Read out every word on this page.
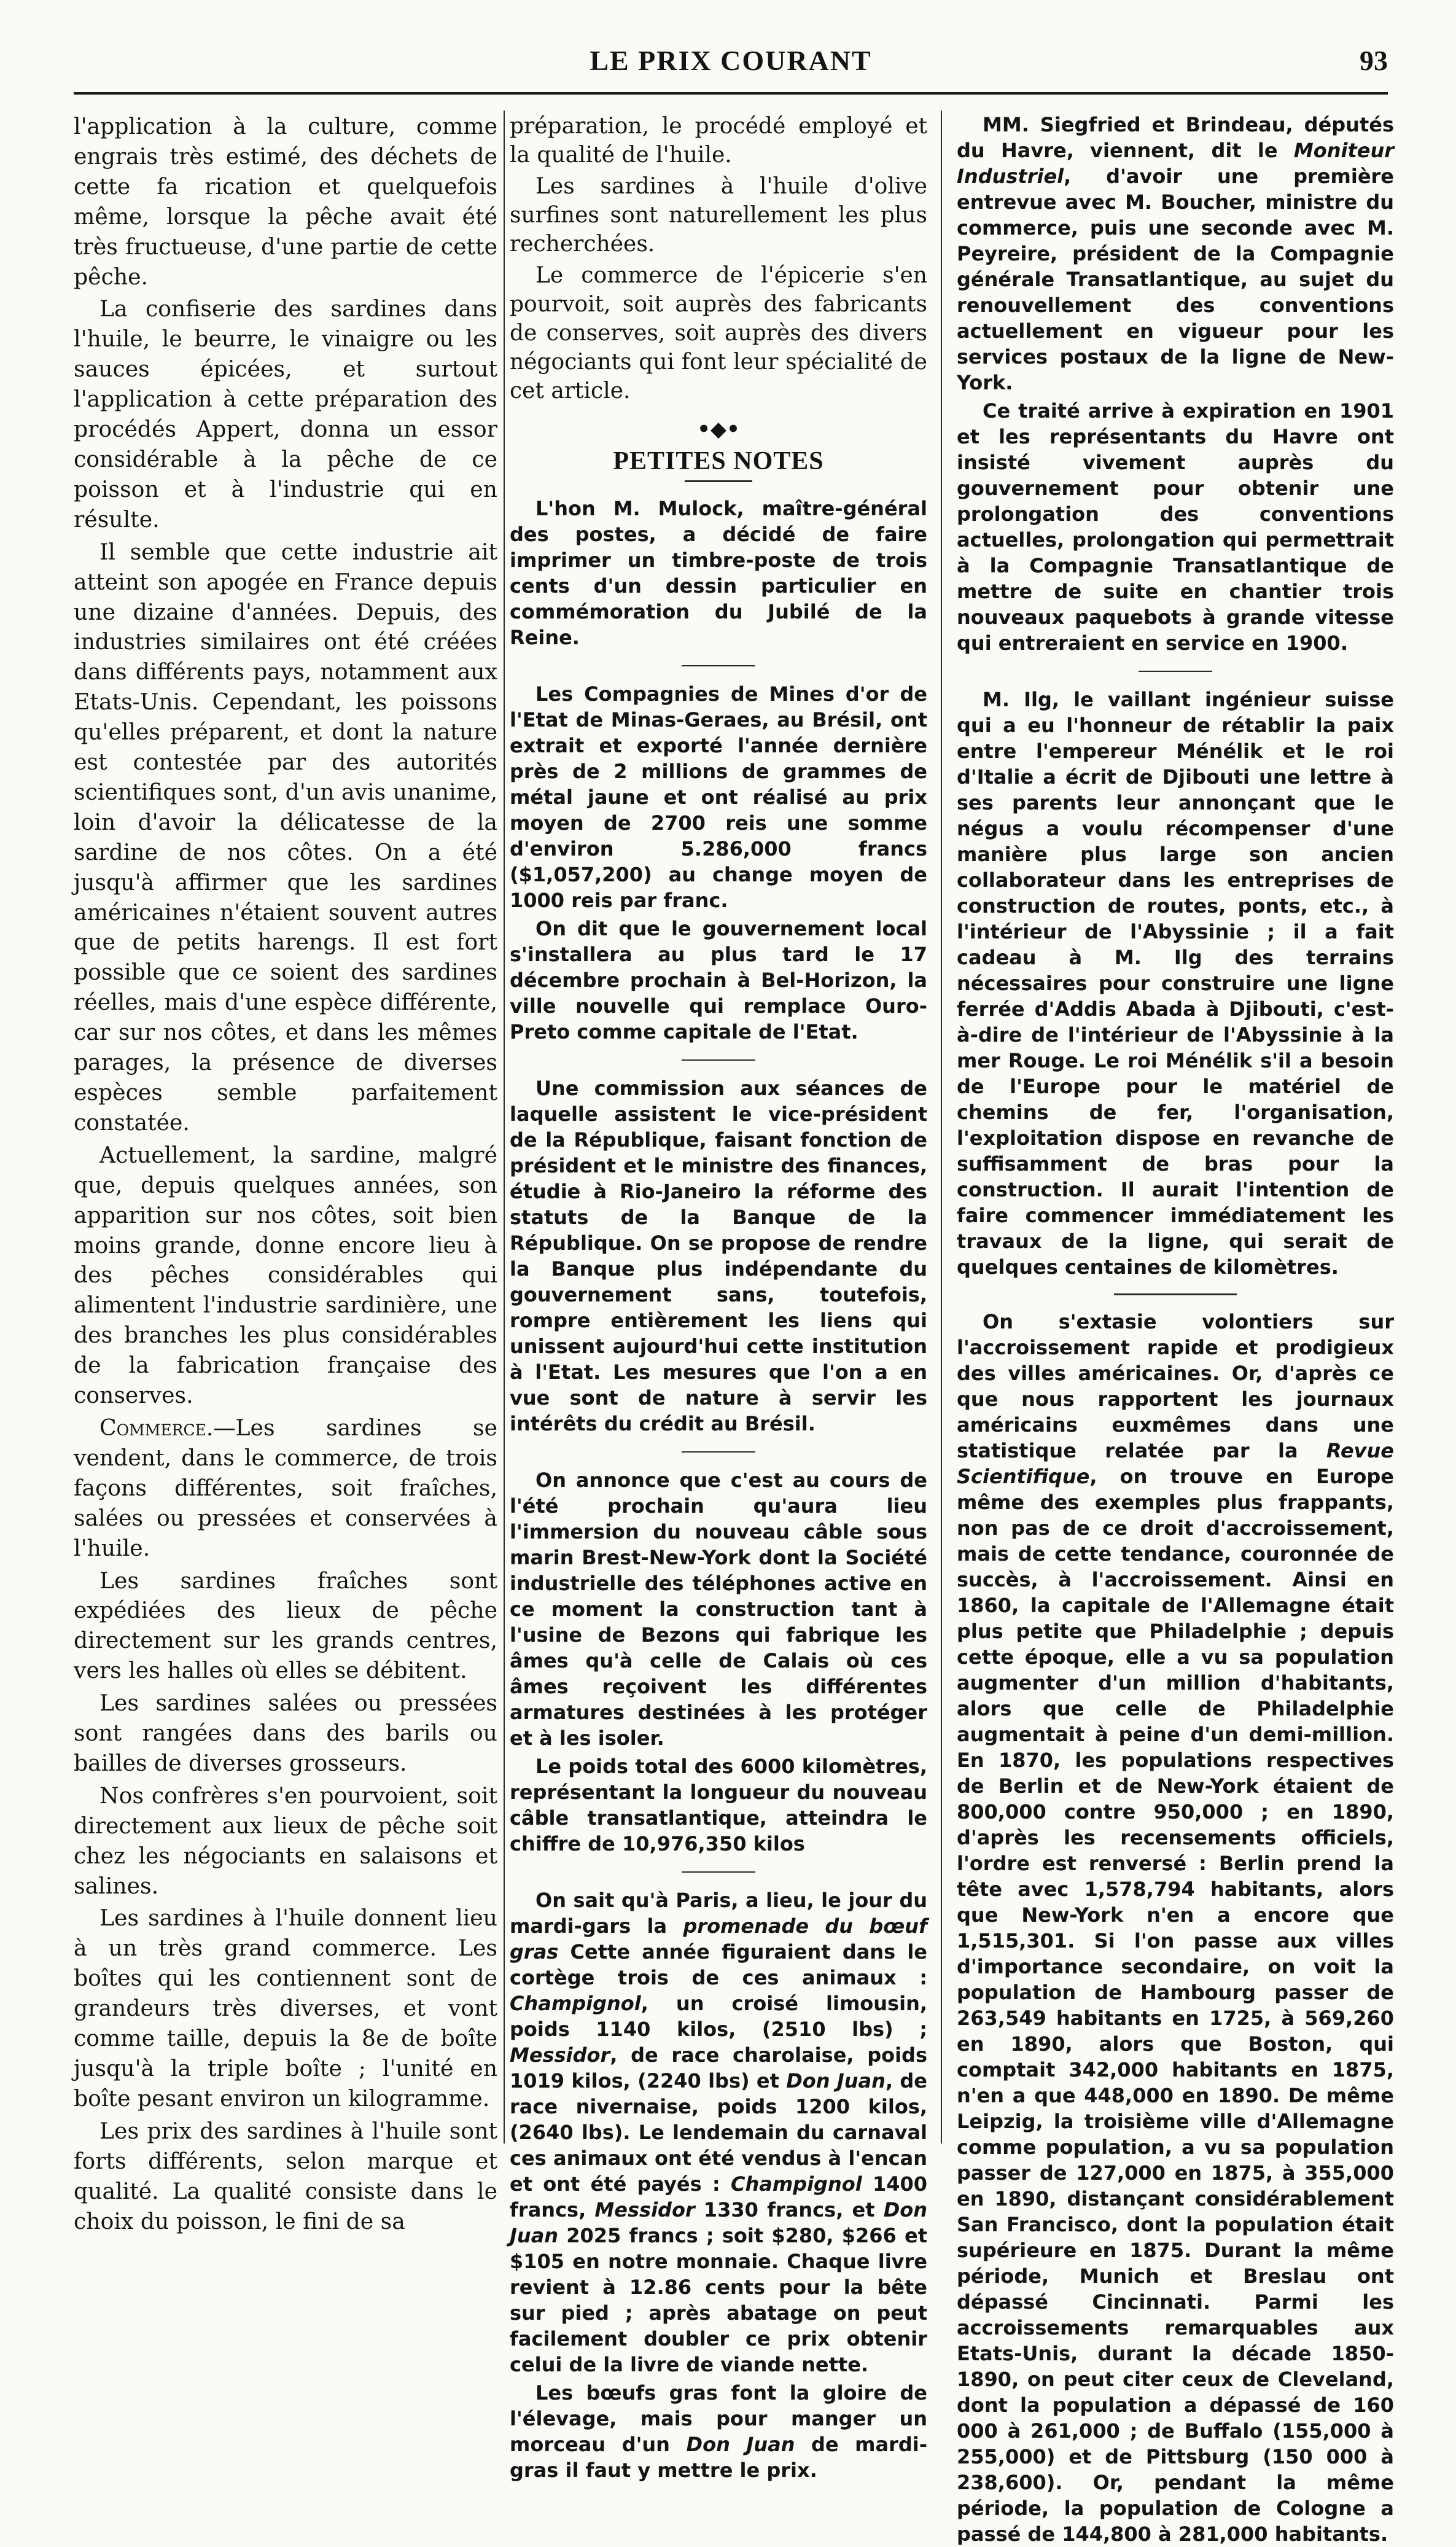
LE PRIX COURANT	93

l'application à la culture, comme engrais très estimé, des déchets de cette fa rication et quelquefois même, lorsque la pêche avait été très fructueuse, d'une partie de cette pêche.

La confiserie des sardines dans l'huile, le beurre, le vinaigre ou les sauces épicées, et surtout l'application à cette préparation des procédés Appert, donna un essor considérable à la pêche de ce poisson et à l'industrie qui en résulte.

Il semble que cette industrie ait atteint son apogée en France depuis une dizaine d'années. Depuis, des industries similaires ont été créées dans différents pays, notamment aux Etats-Unis. Cependant, les poissons qu'elles préparent, et dont la nature est contestée par des autorités scientifiques sont, d'un avis unanime, loin d'avoir la délicatesse de la sardine de nos côtes. On a été jusqu'à affirmer que les sardines américaines n'étaient souvent autres que de petits harengs. Il est fort possible que ce soient des sardines réelles, mais d'une espèce différente, car sur nos côtes, et dans les mêmes parages, la présence de diverses espèces semble parfaitement constatée.

Actuellement, la sardine, malgré que, depuis quelques années, son apparition sur nos côtes, soit bien moins grande, donne encore lieu à des pêches considérables qui alimentent l'industrie sardinière, une des branches les plus considérables de la fabrication française des conserves.

Commerce.—Les sardines se vendent, dans le commerce, de trois façons différentes, soit fraîches, salées ou pressées et conservées à l'huile.

Les sardines fraîches sont expédiées des lieux de pêche directement sur les grands centres, vers les halles où elles se débitent.

Les sardines salées ou pressées sont rangées dans des barils ou bailles de diverses grosseurs.

Nos confrères s'en pourvoient, soit directement aux lieux de pêche soit chez les négociants en salaisons et salines.

Les sardines à l'huile donnent lieu à un très grand commerce. Les boîtes qui les contiennent sont de grandeurs très diverses, et vont comme taille, depuis la 8e de boîte jusqu'à la triple boîte ; l'unité en boîte pesant environ un kilogramme.

Les prix des sardines à l'huile sont forts différents, selon marque et qualité. La qualité consiste dans le choix du poisson, le fini de sa

préparation, le procédé employé et la qualité de l'huile.

Les sardines à l'huile d'olive surfines sont naturellement les plus recherchées.

Le commerce de l'épicerie s'en pourvoit, soit auprès des fabricants de conserves, soit auprès des divers négociants qui font leur spécialité de cet article.

•◆•
PETITES NOTES

L'hon M. Mulock, maître-général des postes, a décidé de faire imprimer un timbre-poste de trois cents d'un dessin particulier en commémoration du Jubilé de la Reine.

Les Compagnies de Mines d'or de l'Etat de Minas-Geraes, au Brésil, ont extrait et exporté l'année dernière près de 2 millions de grammes de métal jaune et ont réalisé au prix moyen de 2700 reis une somme d'environ 5.286,000 francs ($1,057,200) au change moyen de 1000 reis par franc.

On dit que le gouvernement local s'installera au plus tard le 17 décembre prochain à Bel-Horizon, la ville nouvelle qui remplace Ouro-Preto comme capitale de l'Etat.

Une commission aux séances de laquelle assistent le vice-président de la République, faisant fonction de président et le ministre des finances, étudie à Rio-Janeiro la réforme des statuts de la Banque de la République. On se propose de rendre la Banque plus indépendante du gouvernement sans, toutefois, rompre entièrement les liens qui unissent aujourd'hui cette institution à l'Etat. Les mesures que l'on a en vue sont de nature à servir les intérêts du crédit au Brésil.

On annonce que c'est au cours de l'été prochain qu'aura lieu l'immersion du nouveau câble sous marin Brest-New-York dont la Société industrielle des téléphones active en ce moment la construction tant à l'usine de Bezons qui fabrique les âmes qu'à celle de Calais où ces âmes reçoivent les différentes armatures destinées à les protéger et à les isoler.

Le poids total des 6000 kilomètres, représentant la longueur du nouveau câble transatlantique, atteindra le chiffre de 10,976,350 kilos

On sait qu'à Paris, a lieu, le jour du mardi-gars la promenade du bœuf gras Cette année figuraient dans le cortège trois de ces animaux : Champignol, un croisé limousin, poids 1140 kilos, (2510 lbs) ; Messidor, de race charolaise, poids 1019 kilos, (2240 lbs) et Don Juan, de race nivernaise, poids 1200 kilos, (2640 lbs). Le lendemain du carnaval ces animaux ont été vendus à l'encan et ont été payés : Champignol 1400 francs, Messidor 1330 francs, et Don Juan 2025 francs ; soit $280, $266 et $105 en notre monnaie. Chaque livre revient à 12.86 cents pour la bête sur pied ; après abatage on peut facilement doubler ce prix obtenir celui de la livre de viande nette.

Les bœufs gras font la gloire de l'élevage, mais pour manger un morceau d'un Don Juan de mardi-gras il faut y mettre le prix.

MM. Siegfried et Brindeau, députés du Havre, viennent, dit le Moniteur Industriel, d'avoir une première entrevue avec M. Boucher, ministre du commerce, puis une seconde avec M. Peyreire, président de la Compagnie générale Transatlantique, au sujet du renouvellement des conventions actuellement en vigueur pour les services postaux de la ligne de New-York.

Ce traité arrive à expiration en 1901 et les représentants du Havre ont insisté vivement auprès du gouvernement pour obtenir une prolongation des conventions actuelles, prolongation qui permettrait à la Compagnie Transatlantique de mettre de suite en chantier trois nouveaux paquebots à grande vitesse qui entreraient en service en 1900.

M. Ilg, le vaillant ingénieur suisse qui a eu l'honneur de rétablir la paix entre l'empereur Ménélik et le roi d'Italie a écrit de Djibouti une lettre à ses parents leur annonçant que le négus a voulu récompenser d'une manière plus large son ancien collaborateur dans les entreprises de construction de routes, ponts, etc., à l'intérieur de l'Abyssinie ; il a fait cadeau à M. Ilg des terrains nécessaires pour construire une ligne ferrée d'Addis Abada à Djibouti, c'est-à-dire de l'intérieur de l'Abyssinie à la mer Rouge. Le roi Ménélik s'il a besoin de l'Europe pour le matériel de chemins de fer, l'organisation, l'exploitation dispose en revanche de suffisamment de bras pour la construction. Il aurait l'intention de faire commencer immédiatement les travaux de la ligne, qui serait de quelques centaines de kilomètres.

On s'extasie volontiers sur l'accroissement rapide et prodigieux des villes américaines. Or, d'après ce que nous rapportent les journaux américains euxmêmes dans une statistique relatée par la Revue Scientifique, on trouve en Europe même des exemples plus frappants, non pas de ce droit d'accroissement, mais de cette tendance, couronnée de succès, à l'accroissement. Ainsi en 1860, la capitale de l'Allemagne était plus petite que Philadelphie ; depuis cette époque, elle a vu sa population augmenter d'un million d'habitants, alors que celle de Philadelphie augmentait à peine d'un demi-million. En 1870, les populations respectives de Berlin et de New-York étaient de 800,000 contre 950,000 ; en 1890, d'après les recensements officiels, l'ordre est renversé : Berlin prend la tête avec 1,578,794 habitants, alors que New-York n'en a encore que 1,515,301. Si l'on passe aux villes d'importance secondaire, on voit la population de Hambourg passer de 263,549 habitants en 1725, à 569,260 en 1890, alors que Boston, qui comptait 342,000 habitants en 1875, n'en a que 448,000 en 1890. De même Leipzig, la troisième ville d'Allemagne comme population, a vu sa population passer de 127,000 en 1875, à 355,000 en 1890, distançant considérablement San Francisco, dont la population était supérieure en 1875. Durant la même période, Munich et Breslau ont dépassé Cincinnati. Parmi les accroissements remarquables aux Etats-Unis, durant la décade 1850-1890, on peut citer ceux de Cleveland, dont la population a dépassé de 160 000 à 261,000 ; de Buffalo (155,000 à 255,000) et de Pittsburg (150 000 à 238,600). Or, pendant la même période, la population de Cologne a passé de 144,800 à 281,000 habitants.
